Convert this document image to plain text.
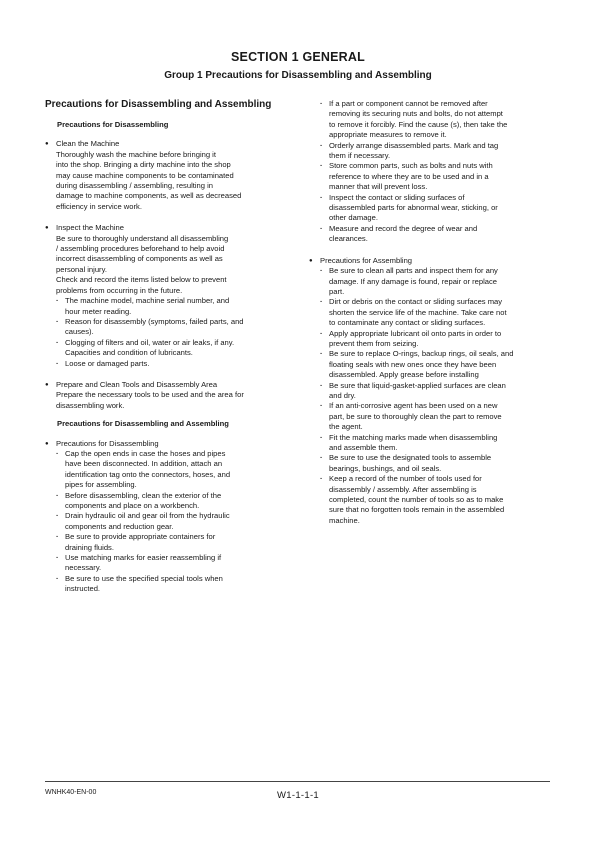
SECTION 1 GENERAL
Group 1 Precautions for Disassembling and Assembling
Precautions for Disassembling and Assembling
Precautions for Disassembling
● Clean the Machine
Thoroughly wash the machine before bringing it
into the shop. Bringing a dirty machine into the shop
may cause machine components to be contaminated
during disassembling / assembling, resulting in
damage to machine components, as well as decreased
efficiency in service work.
● Inspect the Machine
Be sure to thoroughly understand all disassembling
/ assembling procedures beforehand to help avoid
incorrect disassembling of components as well as
personal injury.
Check and record the items listed below to prevent
problems from occurring in the future.
· The machine model, machine serial number, and
hour meter reading.
· Reason for disassembly (symptoms, failed parts, and
causes).
· Clogging of filters and oil, water or air leaks, if any.
Capacities and condition of lubricants.
· Loose or damaged parts.
● Prepare and Clean Tools and Disassembly Area
Prepare the necessary tools to be used and the area for
disassembling work.
Precautions for Disassembling and Assembling
● Precautions for Disassembling
· Cap the open ends in case the hoses and pipes
have been disconnected. In addition, attach an
identification tag onto the connectors, hoses, and
pipes for assembling.
· Before disassembling, clean the exterior of the
components and place on a workbench.
· Drain hydraulic oil and gear oil from the hydraulic
components and reduction gear.
· Be sure to provide appropriate containers for
draining fluids.
· Use matching marks for easier reassembling if
necessary.
· Be sure to use the specified special tools when
instructed.
· If a part or component cannot be removed after
removing its securing nuts and bolts, do not attempt
to remove it forcibly. Find the cause (s), then take the
appropriate measures to remove it.
· Orderly arrange disassembled parts. Mark and tag
them if necessary.
· Store common parts, such as bolts and nuts with
reference to where they are to be used and in a
manner that will prevent loss.
· Inspect the contact or sliding surfaces of
disassembled parts for abnormal wear, sticking, or
other damage.
· Measure and record the degree of wear and
clearances.
● Precautions for Assembling
· Be sure to clean all parts and inspect them for any
damage. If any damage is found, repair or replace
part.
· Dirt or debris on the contact or sliding surfaces may
shorten the service life of the machine. Take care not
to contaminate any contact or sliding surfaces.
· Apply appropriate lubricant oil onto parts in order to
prevent them from seizing.
· Be sure to replace O-rings, backup rings, oil seals, and
floating seals with new ones once they have been
disassembled. Apply grease before installing
· Be sure that liquid-gasket-applied surfaces are clean
and dry.
· If an anti-corrosive agent has been used on a new
part, be sure to thoroughly clean the part to remove
the agent.
· Fit the matching marks made when disassembling
and assemble them.
· Be sure to use the designated tools to assemble
bearings, bushings, and oil seals.
· Keep a record of the number of tools used for
disassembly / assembly. After assembling is
completed, count the number of tools so as to make
sure that no forgotten tools remain in the assembled
machine.
WNHK40-EN-00	W1-1-1-1
